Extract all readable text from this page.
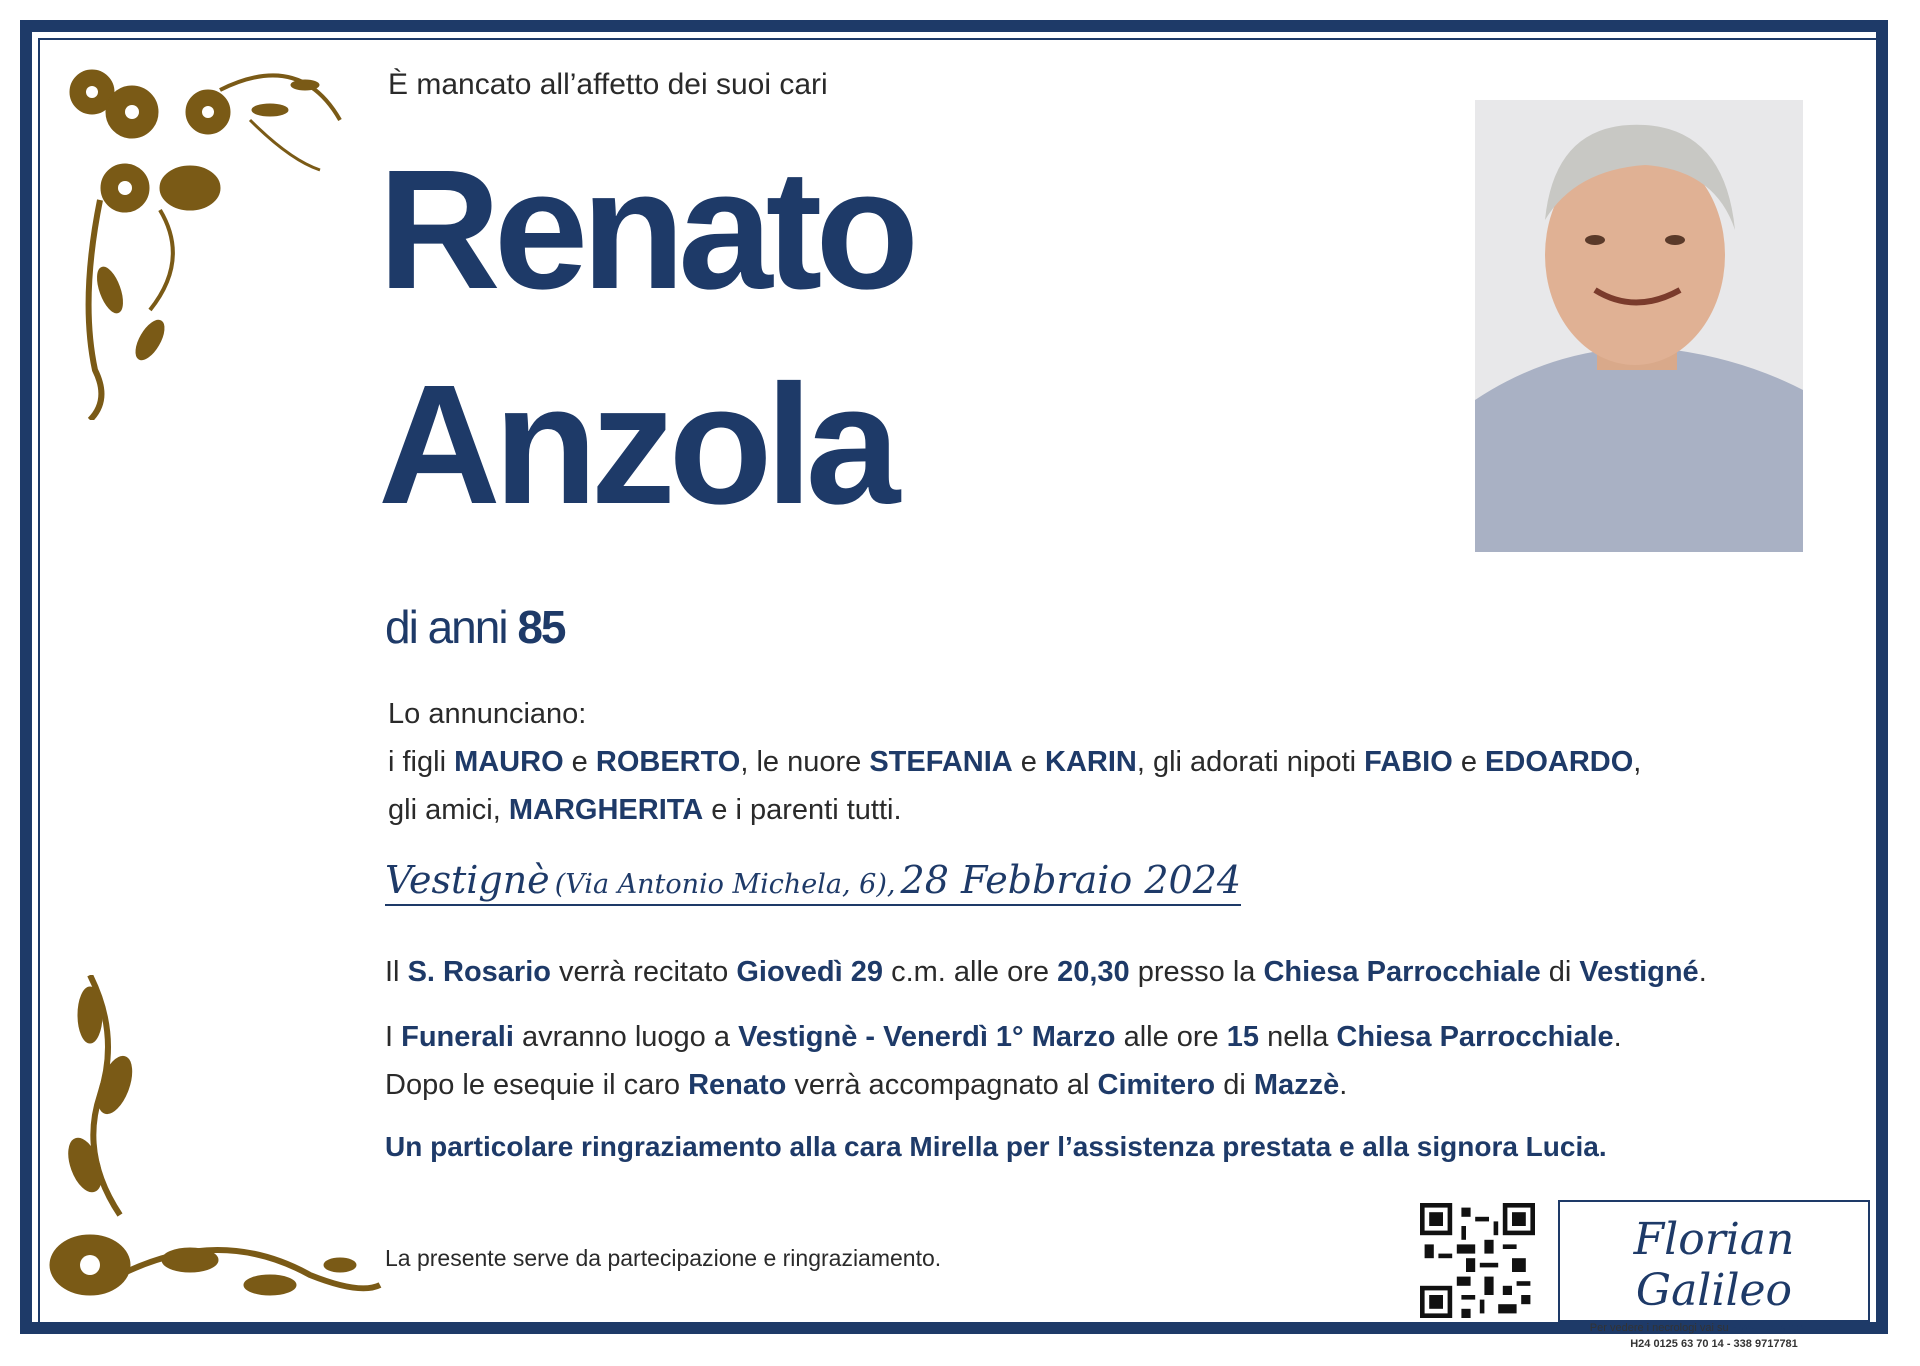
È mancato all’affetto dei suoi cari
Renato
Anzola
di anni 85
Lo annunciano:
i figli MAURO e ROBERTO, le nuore STEFANIA e KARIN, gli adorati nipoti FABIO e EDOARDO,
gli amici, MARGHERITA e i parenti tutti.
Vestignè (Via Antonio Michela, 6), 28 Febbraio 2024
Il S. Rosario verrà recitato Giovedì 29 c.m. alle ore 20,30 presso la Chiesa Parrocchiale di Vestigné.
I Funerali avranno luogo a Vestignè - Venerdì 1° Marzo alle ore 15 nella Chiesa Parrocchiale.
Dopo le esequie il caro Renato verrà accompagnato al Cimitero di Mazzè.
Un particolare ringraziamento alla cara Mirella per l’assistenza prestata e alla signora Lucia.
La presente serve da partecipazione e ringraziamento.	Florian Galileo
Per vedere i necrologi vai su www.floriangalileo.it
H24 0125 63 70 14 - 338 9717781
